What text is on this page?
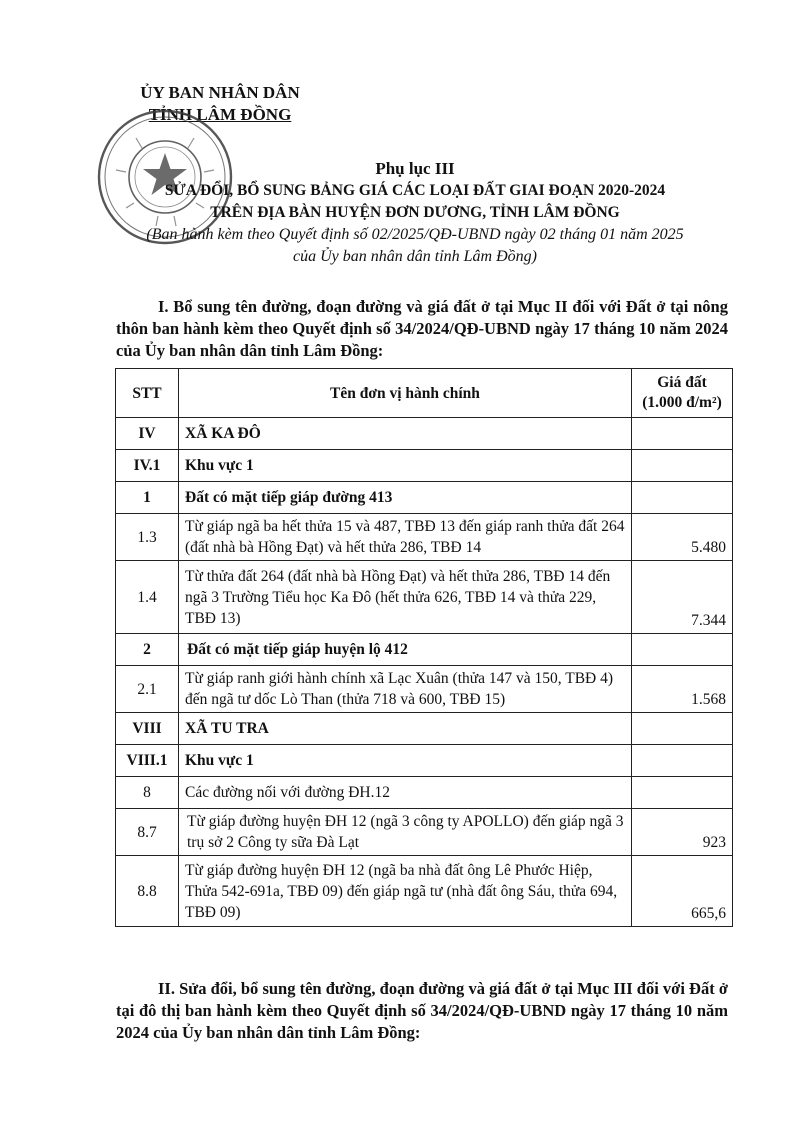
ỦY BAN NHÂN DÂN
TỈNH LÂM ĐỒNG
Phụ lục III
SỬA ĐỔI, BỔ SUNG BẢNG GIÁ CÁC LOẠI ĐẤT GIAI ĐOẠN 2020-2024
TRÊN ĐỊA BÀN HUYỆN ĐƠN DƯƠNG, TỈNH LÂM ĐỒNG
(Ban hành kèm theo Quyết định số 02/2025/QĐ-UBND ngày 02 tháng 01 năm 2025
của Ủy ban nhân dân tỉnh Lâm Đồng)
I. Bổ sung tên đường, đoạn đường và giá đất ở tại Mục II đối với Đất ở tại nông thôn ban hành kèm theo Quyết định số 34/2024/QĐ-UBND ngày 17 tháng 10 năm 2024 của Ủy ban nhân dân tỉnh Lâm Đồng:
STT	Tên đơn vị hành chính	Giá đất
(1.000 đ/m²)

IV	XÃ KA ĐÔ	
IV.1	Khu vực 1	
1	Đất có mặt tiếp giáp đường 413	
1.3	Từ giáp ngã ba hết thửa 15 và 487, TBĐ 13 đến giáp ranh thửa đất 264 (đất nhà bà Hồng Đạt) và hết thửa 286, TBĐ 14	5.480
1.4	Từ thửa đất 264 (đất nhà bà Hồng Đạt) và hết thửa 286, TBĐ 14 đến ngã 3 Trường Tiểu học Ka Đô (hết thửa 626, TBĐ 14 và thửa 229, TBĐ 13)	7.344
2	Đất có mặt tiếp giáp huyện lộ 412	
2.1	Từ giáp ranh giới hành chính xã Lạc Xuân (thửa 147 và 150, TBĐ 4) đến ngã tư dốc Lò Than (thửa 718 và 600, TBĐ 15)	1.568
VIII	XÃ TU TRA	
VIII.1	Khu vực 1	
8	Các đường nối với đường ĐH.12	
8.7	Từ giáp đường huyện ĐH 12 (ngã 3 công ty APOLLO) đến giáp ngã 3 trụ sở 2 Công ty sữa Đà Lạt	923
8.8	Từ giáp đường huyện ĐH 12 (ngã ba nhà đất ông Lê Phước Hiệp, Thửa 542-691a, TBĐ 09) đến giáp ngã tư (nhà đất ông Sáu, thửa 694, TBĐ 09)	665,6
II. Sửa đổi, bổ sung tên đường, đoạn đường và giá đất ở tại Mục III đối với Đất ở tại đô thị ban hành kèm theo Quyết định số 34/2024/QĐ-UBND ngày 17 tháng 10 năm 2024 của Ủy ban nhân dân tỉnh Lâm Đồng:
